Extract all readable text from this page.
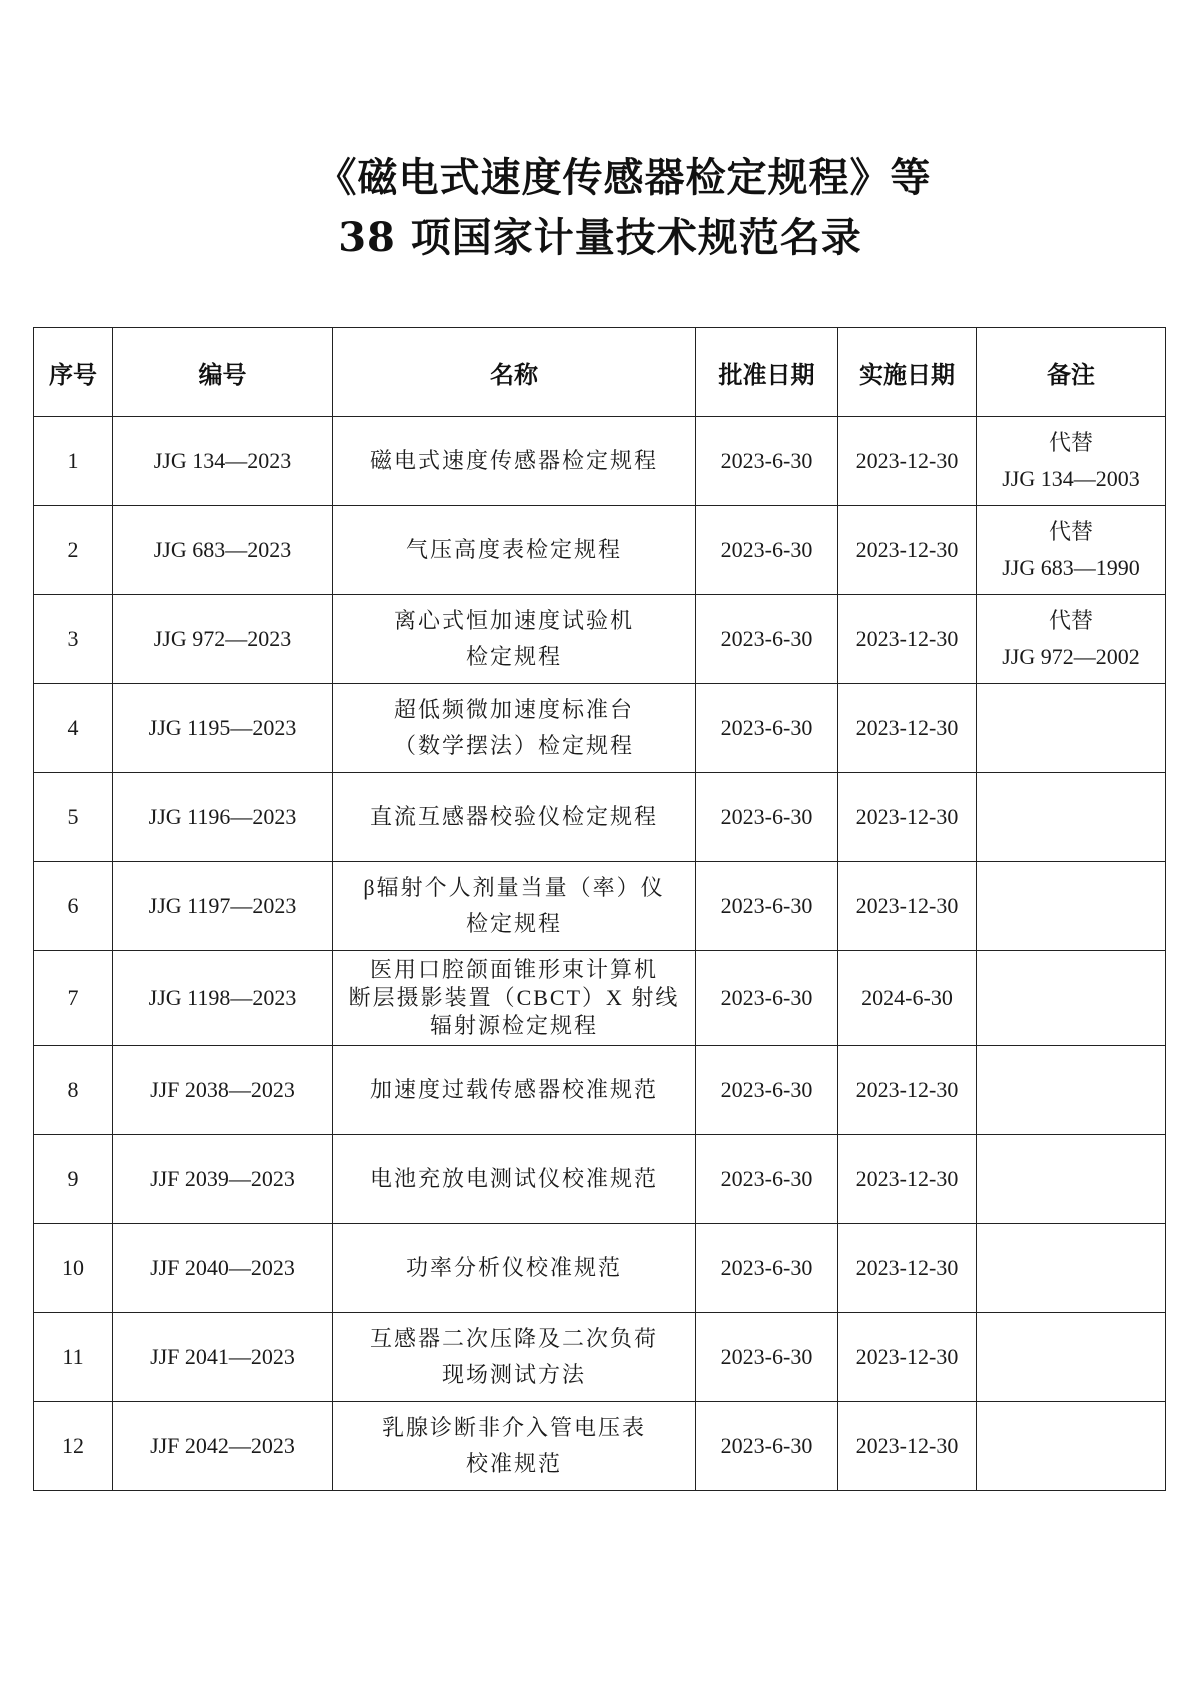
《磁电式速度传感器检定规程》等
38 项国家计量技术规范名录
序号	编号	名称	批准日期	实施日期	备注
1	JJG 134—2023	磁电式速度传感器检定规程	2023-6-30	2023-12-30	代替
JJG 134—2003

2	JJG 683—2023	气压高度表检定规程	2023-6-30	2023-12-30	代替
JJG 683—1990

3	JJG 972—2023	离心式恒加速度试验机
检定规程	2023-6-30	2023-12-30	代替
JJG 972—2002

4	JJG 1195—2023	超低频微加速度标准台
（数学摆法）检定规程	2023-6-30	2023-12-30	
5	JJG 1196—2023	直流互感器校验仪检定规程	2023-6-30	2023-12-30	
6	JJG 1197—2023	β辐射个人剂量当量（率）仪
检定规程	2023-6-30	2023-12-30	
7	JJG 1198—2023	医用口腔颌面锥形束计算机
断层摄影装置（CBCT）X 射线
辐射源检定规程	2023-6-30	2024-6-30	
8	JJF 2038—2023	加速度过载传感器校准规范	2023-6-30	2023-12-30	
9	JJF 2039—2023	电池充放电测试仪校准规范	2023-6-30	2023-12-30	
10	JJF 2040—2023	功率分析仪校准规范	2023-6-30	2023-12-30	
11	JJF 2041—2023	互感器二次压降及二次负荷
现场测试方法	2023-6-30	2023-12-30	
12	JJF 2042—2023	乳腺诊断非介入管电压表
校准规范	2023-6-30	2023-12-30	
